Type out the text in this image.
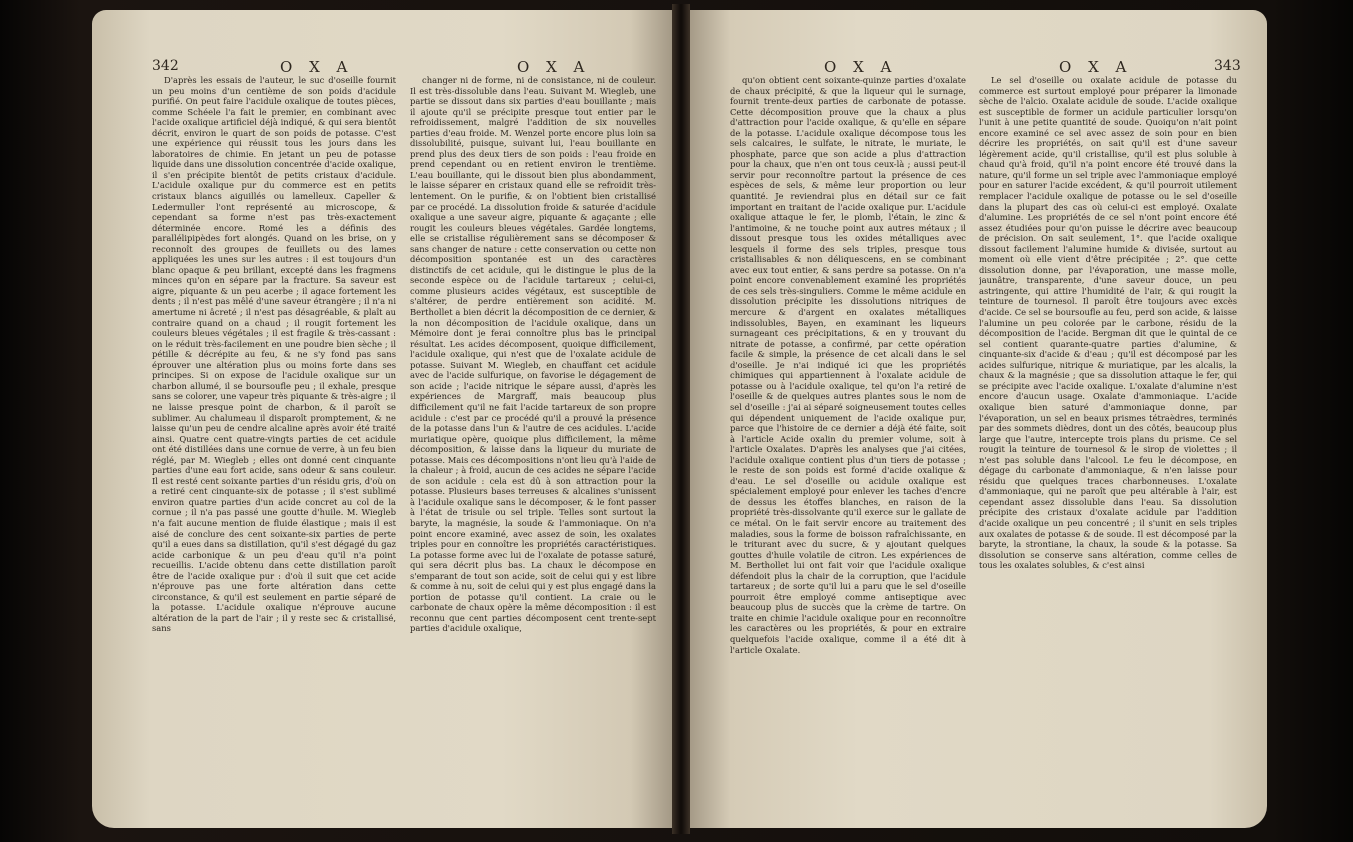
342	O X A	O X A

D'après les essais de l'auteur, le suc d'oseille fournit un peu moins d'un centième de son poids d'acidule purifié. On peut faire l'acidule oxalique de toutes pièces, comme Schéele l'a fait le premier, en combinant avec l'acide oxalique artificiel déjà indiqué, & qui sera bientôt décrit, environ le quart de son poids de potasse. C'est une expérience qui réussit tous les jours dans les laboratoires de chimie. En jetant un peu de potasse liquide dans une dissolution concentrée d'acide oxalique, il s'en précipite bientôt de petits cristaux d'acidule. L'acidule oxalique pur du commerce est en petits cristaux blancs aiguillés ou lamelleux. Capeller & Ledermuller l'ont représenté au microscope, & cependant sa forme n'est pas très-exactement déterminée encore. Romé les a définis des parallélipipèdes fort alongés. Quand on les brise, on y reconnoît des groupes de feuillets ou des lames appliquées les unes sur les autres : il est toujours d'un blanc opaque & peu brillant, excepté dans les fragmens minces qu'on en sépare par la fracture. Sa saveur est aigre, piquante & un peu acerbe ; il agace fortement les dents ; il n'est pas mêlé d'une saveur étrangère ; il n'a ni amertume ni âcreté ; il n'est pas désagréable, & plaît au contraire quand on a chaud ; il rougit fortement les couleurs bleues végétales ; il est fragile & très-cassant : on le réduit très-facilement en une poudre bien sèche ; il pétille & décrépite au feu, & ne s'y fond pas sans éprouver une altération plus ou moins forte dans ses principes. Si on expose de l'acidule oxalique sur un charbon allumé, il se boursoufle peu ; il exhale, presque sans se colorer, une vapeur très piquante & très-aigre ; il ne laisse presque point de charbon, & il paroît se sublimer. Au chalumeau il disparoît promptement, & ne laisse qu'un peu de cendre alcaline après avoir été traité ainsi. Quatre cent quatre-vingts parties de cet acidule ont été distillées dans une cornue de verre, à un feu bien réglé, par M. Wiegleb ; elles ont donné cent cinquante parties d'une eau fort acide, sans odeur & sans couleur. Il est resté cent soixante parties d'un résidu gris, d'où on a retiré cent cinquante-six de potasse ; il s'est sublimé environ quatre parties d'un acide concret au col de la cornue ; il n'a pas passé une goutte d'huile. M. Wiegleb n'a fait aucune mention de fluide élastique ; mais il est aisé de conclure des cent soixante-six parties de perte qu'il a eues dans sa distillation, qu'il s'est dégagé du gaz acide carbonique & un peu d'eau qu'il n'a point recueillis. L'acide obtenu dans cette distillation paroît être de l'acide oxalique pur : d'où il suit que cet acide n'éprouve pas une forte altération dans cette circonstance, & qu'il est seulement en partie séparé de la potasse. L'acidule oxalique n'éprouve aucune altération de la part de l'air ; il y reste sec & cristallisé, sans

changer ni de forme, ni de consistance, ni de couleur. Il est très-dissoluble dans l'eau. Suivant M. Wiegleb, une partie se dissout dans six parties d'eau bouillante ; mais il ajoute qu'il se précipite presque tout entier par le refroidissement, malgré l'addition de six nouvelles parties d'eau froide. M. Wenzel porte encore plus loin sa dissolubilité, puisque, suivant lui, l'eau bouillante en prend plus des deux tiers de son poids : l'eau froide en prend cependant ou en retient environ le trentième. L'eau bouillante, qui le dissout bien plus abondamment, le laisse séparer en cristaux quand elle se refroidit très-lentement. On le purifie, & on l'obtient bien cristallisé par ce procédé. La dissolution froide & saturée d'acidule oxalique a une saveur aigre, piquante & agaçante ; elle rougit les couleurs bleues végétales. Gardée longtems, elle se cristallise régulièrement sans se décomposer & sans changer de nature : cette conservation ou cette non décomposition spontanée est un des caractères distinctifs de cet acidule, qui le distingue le plus de la seconde espèce ou de l'acidule tartareux ; celui-ci, comme plusieurs acides végétaux, est susceptible de s'altérer, de perdre entièrement son acidité. M. Berthollet a bien décrit la décomposition de ce dernier, & la non décomposition de l'acidule oxalique, dans un Mémoire dont je ferai connoître plus bas le principal résultat. Les acides décomposent, quoique difficilement, l'acidule oxalique, qui n'est que de l'oxalate acidule de potasse. Suivant M. Wiegleb, en chauffant cet acidule avec de l'acide sulfurique, on favorise le dégagement de son acide ; l'acide nitrique le sépare aussi, d'après les expériences de Margraff, mais beaucoup plus difficilement qu'il ne fait l'acide tartareux de son propre acidule : c'est par ce procédé qu'il a prouvé la présence de la potasse dans l'un & l'autre de ces acidules. L'acide muriatique opère, quoique plus difficilement, la même décomposition, & laisse dans la liqueur du muriate de potasse. Mais ces décompositions n'ont lieu qu'à l'aide de la chaleur ; à froid, aucun de ces acides ne sépare l'acide de son acidule : cela est dû à son attraction pour la potasse. Plusieurs bases terreuses & alcalines s'unissent à l'acidule oxalique sans le décomposer, & le font passer à l'état de trisule ou sel triple. Telles sont surtout la baryte, la magnésie, la soude & l'ammoniaque. On n'a point encore examiné, avec assez de soin, les oxalates triples pour en connoître les propriétés caractéristiques. La potasse forme avec lui de l'oxalate de potasse saturé, qui sera décrit plus bas. La chaux le décompose en s'emparant de tout son acide, soit de celui qui y est libre & comme à nu, soit de celui qui y est plus engagé dans la portion de potasse qu'il contient. La craie ou le carbonate de chaux opère la même décomposition : il est reconnu que cent parties décomposent cent trente-sept parties d'acidule oxalique,

O X A	O X A	343

qu'on obtient cent soixante-quinze parties d'oxalate de chaux précipité, & que la liqueur qui le surnage, fournit trente-deux parties de carbonate de potasse. Cette décomposition prouve que la chaux a plus d'attraction pour l'acide oxalique, & qu'elle en sépare de la potasse. L'acidule oxalique décompose tous les sels calcaires, le sulfate, le nitrate, le muriate, le phosphate, parce que son acide a plus d'attraction pour la chaux, que n'en ont tous ceux-là ; aussi peut-il servir pour reconnoître partout la présence de ces espèces de sels, & même leur proportion ou leur quantité. Je reviendrai plus en détail sur ce fait important en traitant de l'acide oxalique pur. L'acidule oxalique attaque le fer, le plomb, l'étain, le zinc & l'antimoine, & ne touche point aux autres métaux ; il dissout presque tous les oxides métalliques avec lesquels il forme des sels triples, presque tous cristallisables & non déliquescens, en se combinant avec eux tout entier, & sans perdre sa potasse. On n'a point encore convenablement examiné les propriétés de ces sels très-singuliers. Comme le même acidule en dissolution précipite les dissolutions nitriques de mercure & d'argent en oxalates métalliques indissolubles, Bayen, en examinant les liqueurs surnageant ces précipitations, & en y trouvant du nitrate de potasse, a confirmé, par cette opération facile & simple, la présence de cet alcali dans le sel d'oseille. Je n'ai indiqué ici que les propriétés chimiques qui appartiennent à l'oxalate acidule de potasse ou à l'acidule oxalique, tel qu'on l'a retiré de l'oseille & de quelques autres plantes sous le nom de sel d'oseille : j'ai ai séparé soigneusement toutes celles qui dépendent uniquement de l'acide oxalique pur, parce que l'histoire de ce dernier a déjà été faite, soit à l'article Acide oxalin du premier volume, soit à l'article Oxalates. D'après les analyses que j'ai citées, l'acidule oxalique contient plus d'un tiers de potasse ; le reste de son poids est formé d'acide oxalique & d'eau. Le sel d'oseille ou acidule oxalique est spécialement employé pour enlever les taches d'encre de dessus les étoffes blanches, en raison de la propriété très-dissolvante qu'il exerce sur le gallate de ce métal. On le fait servir encore au traitement des maladies, sous la forme de boisson rafraîchissante, en le triturant avec du sucre, & y ajoutant quelques gouttes d'huile volatile de citron. Les expériences de M. Berthollet lui ont fait voir que l'acidule oxalique défendoit plus la chair de la corruption, que l'acidule tartareux ; de sorte qu'il lui a paru que le sel d'oseille pourroit être employé comme antiseptique avec beaucoup plus de succès que la crème de tartre. On traite en chimie l'acidule oxalique pour en reconnoître les caractères ou les propriétés, & pour en extraire quelquefois l'acide oxalique, comme il a été dit à l'article Oxalate.

Le sel d'oseille ou oxalate acidule de potasse du commerce est surtout employé pour préparer la limonade sèche de l'alcio. Oxalate acidule de soude. L'acide oxalique est susceptible de former un acidule particulier lorsqu'on l'unit à une petite quantité de soude. Quoiqu'on n'ait point encore examiné ce sel avec assez de soin pour en bien décrire les propriétés, on sait qu'il est d'une saveur légèrement acide, qu'il cristallise, qu'il est plus soluble à chaud qu'à froid, qu'il n'a point encore été trouvé dans la nature, qu'il forme un sel triple avec l'ammoniaque employé pour en saturer l'acide excédent, & qu'il pourroit utilement remplacer l'acidule oxalique de potasse ou le sel d'oseille dans la plupart des cas où celui-ci est employé. Oxalate d'alumine. Les propriétés de ce sel n'ont point encore été assez étudiées pour qu'on puisse le décrire avec beaucoup de précision. On sait seulement, 1°. que l'acide oxalique dissout facilement l'alumine humide & divisée, surtout au moment où elle vient d'être précipitée ; 2°. que cette dissolution donne, par l'évaporation, une masse molle, jaunâtre, transparente, d'une saveur douce, un peu astringente, qui attire l'humidité de l'air, & qui rougit la teinture de tournesol. Il paroît être toujours avec excès d'acide. Ce sel se boursoufle au feu, perd son acide, & laisse l'alumine un peu colorée par le carbone, résidu de la décomposition de l'acide. Bergman dit que le quintal de ce sel contient quarante-quatre parties d'alumine, & cinquante-six d'acide & d'eau ; qu'il est décomposé par les acides sulfurique, nitrique & muriatique, par les alcalis, la chaux & la magnésie ; que sa dissolution attaque le fer, qui se précipite avec l'acide oxalique. L'oxalate d'alumine n'est encore d'aucun usage. Oxalate d'ammoniaque. L'acide oxalique bien saturé d'ammoniaque donne, par l'évaporation, un sel en beaux prismes tétraèdres, terminés par des sommets dièdres, dont un des côtés, beaucoup plus large que l'autre, intercepte trois plans du prisme. Ce sel rougit la teinture de tournesol & le sirop de violettes ; il n'est pas soluble dans l'alcool. Le feu le décompose, en dégage du carbonate d'ammoniaque, & n'en laisse pour résidu que quelques traces charbonneuses. L'oxalate d'ammoniaque, qui ne paroît que peu altérable à l'air, est cependant assez dissoluble dans l'eau. Sa dissolution précipite des cristaux d'oxalate acidule par l'addition d'acide oxalique un peu concentré ; il s'unit en sels triples aux oxalates de potasse & de soude. Il est décomposé par la baryte, la strontiane, la chaux, la soude & la potasse. Sa dissolution se conserve sans altération, comme celles de tous les oxalates solubles, & c'est ainsi
